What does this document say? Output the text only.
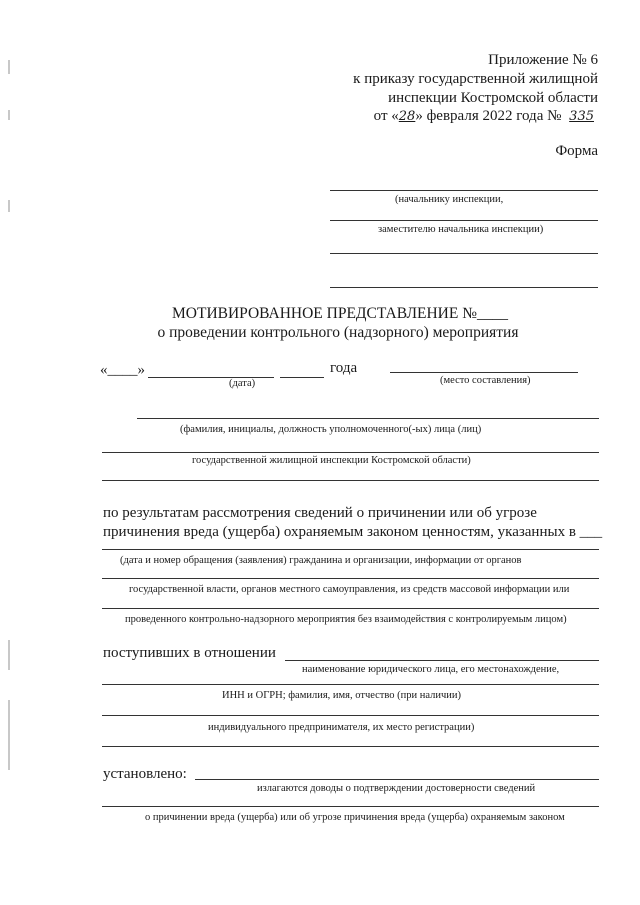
Приложение № 6
к приказу государственной жилищной
инспекции Костромской области
от «28» февраля 2022 года № 335
Форма
(начальнику инспекции,
заместителю начальника инспекции)
МОТИВИРОВАННОЕ ПРЕДСТАВЛЕНИЕ №____
о проведении контрольного (надзорного) мероприятия
«____»	года
(дата)	(место составления)
(фамилия, инициалы, должность уполномоченного(-ых) лица (лиц)
государственной жилищной инспекции Костромской области)
по результатам рассмотрения сведений о причинении или об угрозе
причинения вреда (ущерба) охраняемым законом ценностям, указанных в ___
(дата и номер обращения (заявления) гражданина и организации, информации от органов
государственной власти, органов местного самоуправления, из средств массовой информации или
проведенного контрольно-надзорного мероприятия без взаимодействия с контролируемым лицом)
поступивших в отношении
наименование юридического лица, его местонахождение,
ИНН и ОГРН; фамилия, имя, отчество (при наличии)
индивидуального предпринимателя, их место регистрации)
установлено:
излагаются доводы о подтверждении достоверности сведений
о причинении вреда (ущерба) или об угрозе причинения вреда (ущерба) охраняемым законом
